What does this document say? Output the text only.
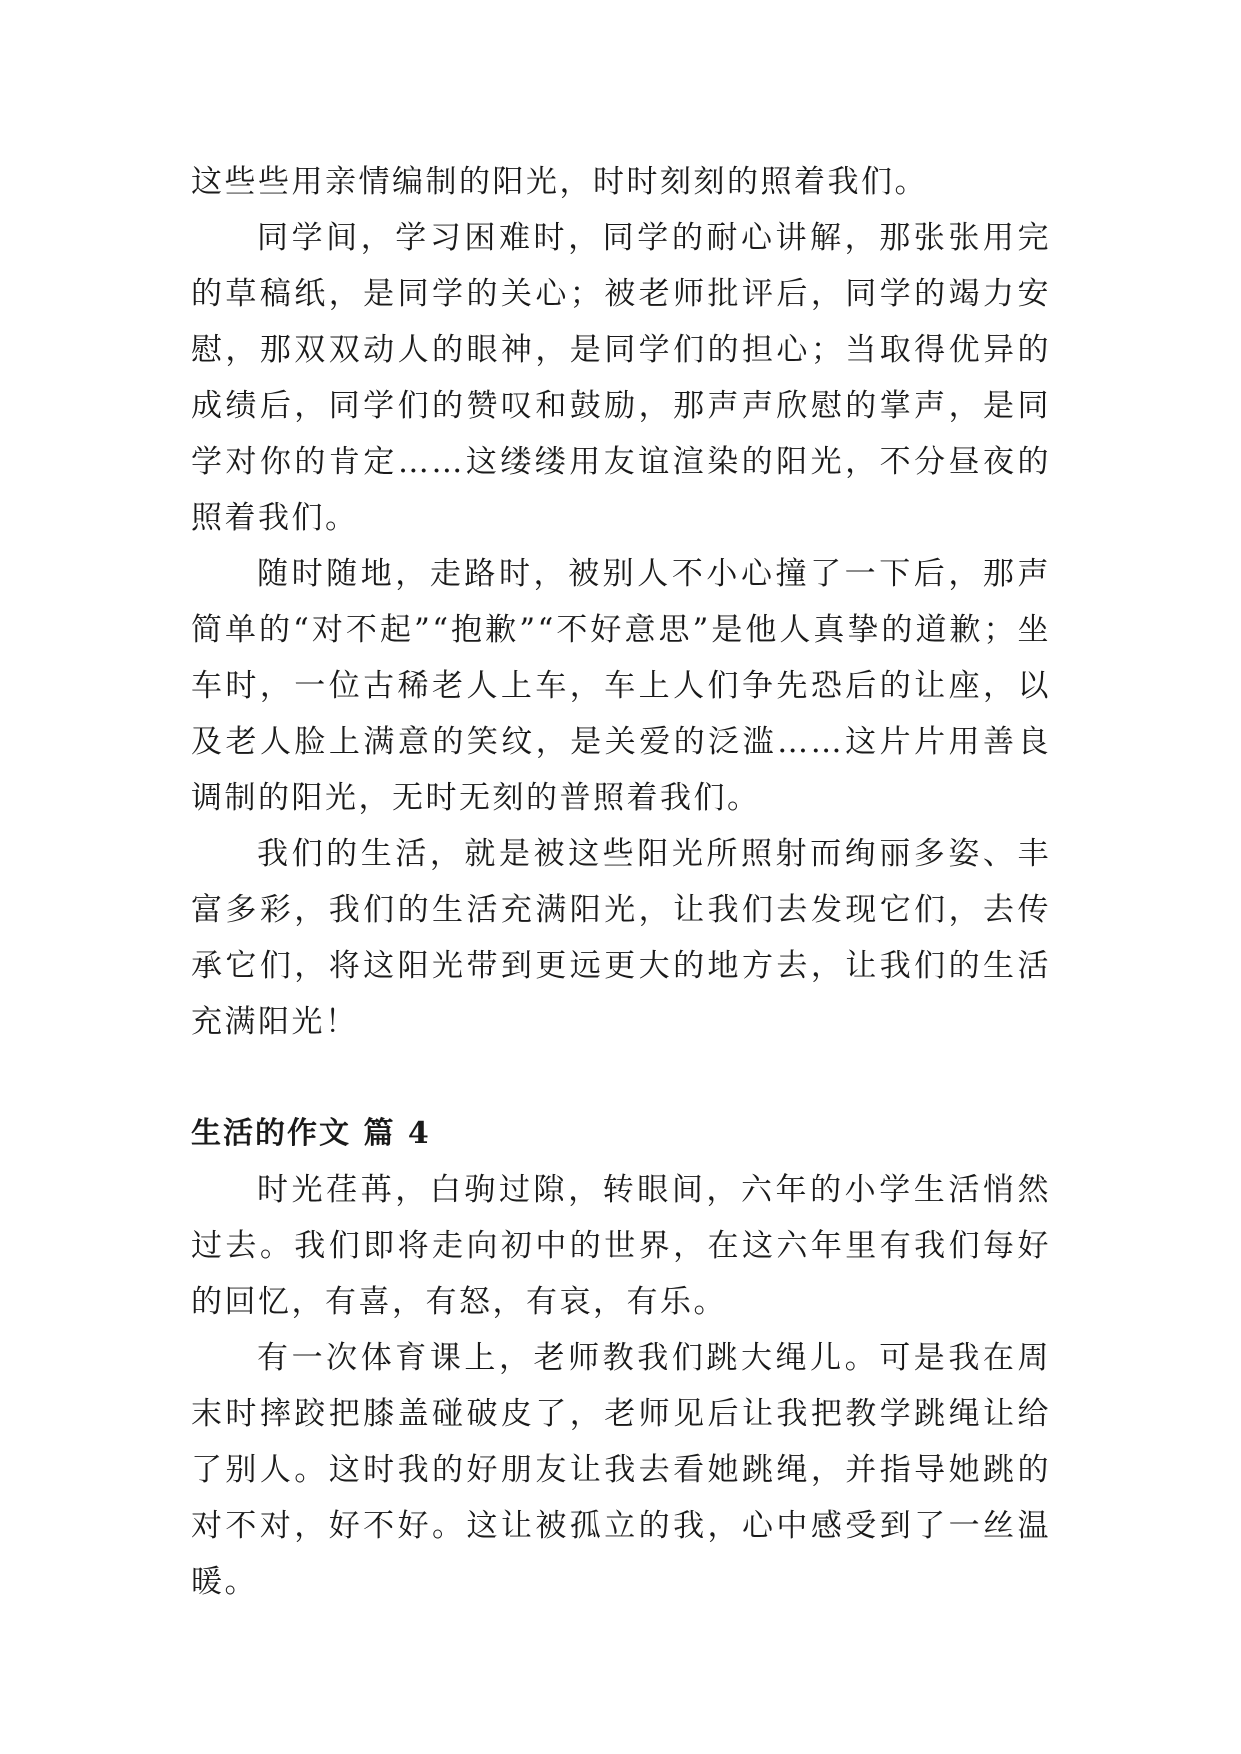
这些些用亲情编制的阳光，时时刻刻的照着我们。

同学间，学习困难时，同学的耐心讲解，那张张用完的草稿纸，是同学的关心；被老师批评后，同学的竭力安慰，那双双动人的眼神，是同学们的担心；当取得优异的成绩后，同学们的赞叹和鼓励，那声声欣慰的掌声，是同学对你的肯定……这缕缕用友谊渲染的阳光，不分昼夜的照着我们。

随时随地，走路时，被别人不小心撞了一下后，那声简单的“对不起”“抱歉”“不好意思”是他人真挚的道歉；坐车时，一位古稀老人上车，车上人们争先恐后的让座，以及老人脸上满意的笑纹，是关爱的泛滥……这片片用善良调制的阳光，无时无刻的普照着我们。

我们的生活，就是被这些阳光所照射而绚丽多姿、丰富多彩，我们的生活充满阳光，让我们去发现它们，去传承它们，将这阳光带到更远更大的地方去，让我们的生活充满阳光！

生活的作文 篇 4

时光荏苒，白驹过隙，转眼间，六年的小学生活悄然过去。我们即将走向初中的世界，在这六年里有我们每好的回忆，有喜，有怒，有哀，有乐。

有一次体育课上，老师教我们跳大绳儿。可是我在周末时摔跤把膝盖碰破皮了，老师见后让我把教学跳绳让给了别人。这时我的好朋友让我去看她跳绳，并指导她跳的对不对，好不好。这让被孤立的我，心中感受到了一丝温暖。
